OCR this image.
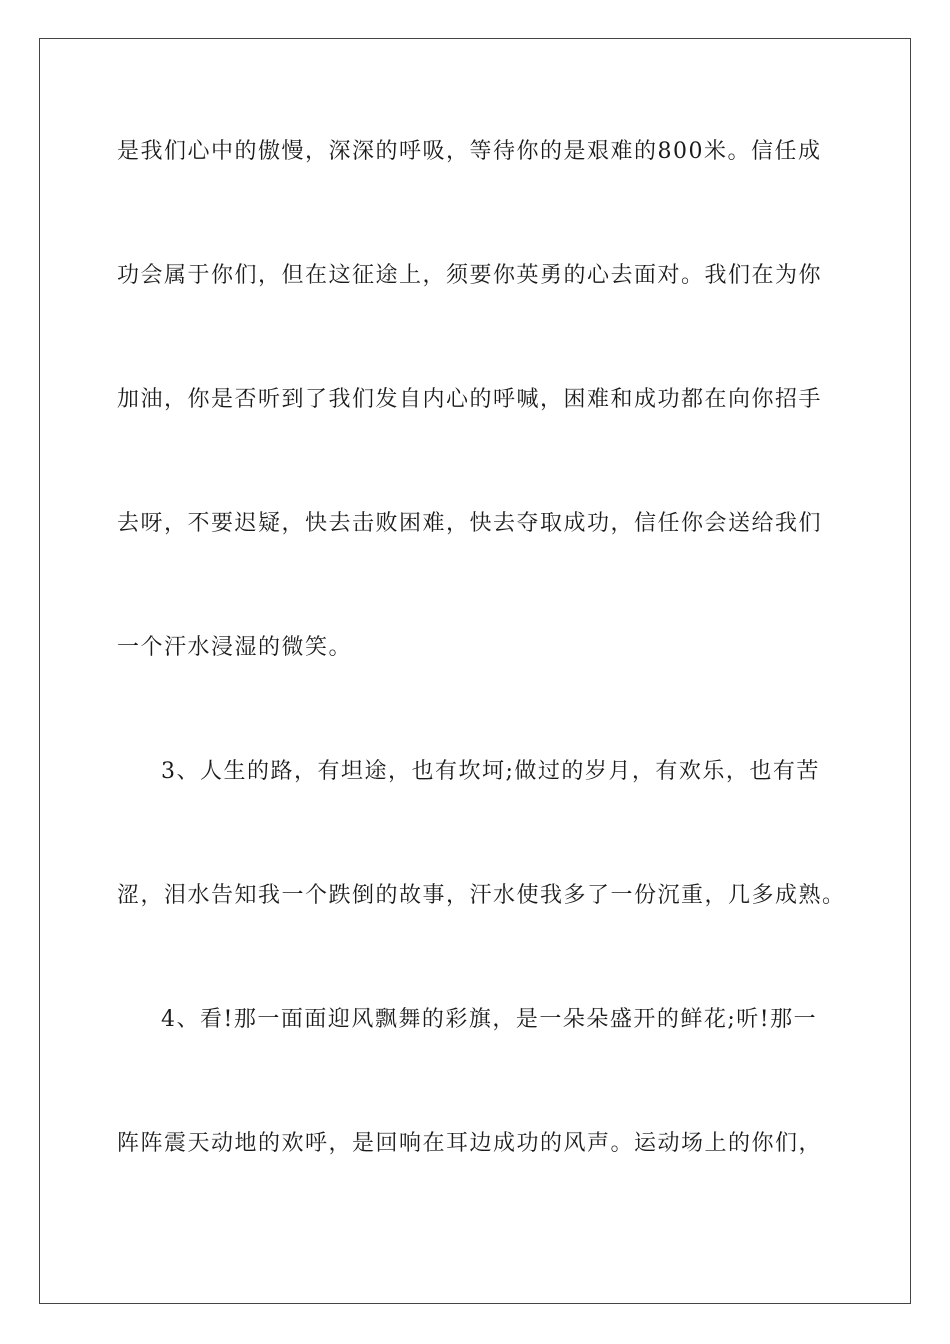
是我们心中的傲慢，深深的呼吸，等待你的是艰难的800米。信任成
功会属于你们，但在这征途上，须要你英勇的心去面对。我们在为你
加油，你是否听到了我们发自内心的呼喊，困难和成功都在向你招手
去呀，不要迟疑，快去击败困难，快去夺取成功，信任你会送给我们
一个汗水浸湿的微笑。
3、人生的路，有坦途，也有坎坷;做过的岁月，有欢乐，也有苦
涩，泪水告知我一个跌倒的故事，汗水使我多了一份沉重，几多成熟。
4、看!那一面面迎风飘舞的彩旗，是一朵朵盛开的鲜花;听!那一
阵阵震天动地的欢呼，是回响在耳边成功的风声。运动场上的你们，
